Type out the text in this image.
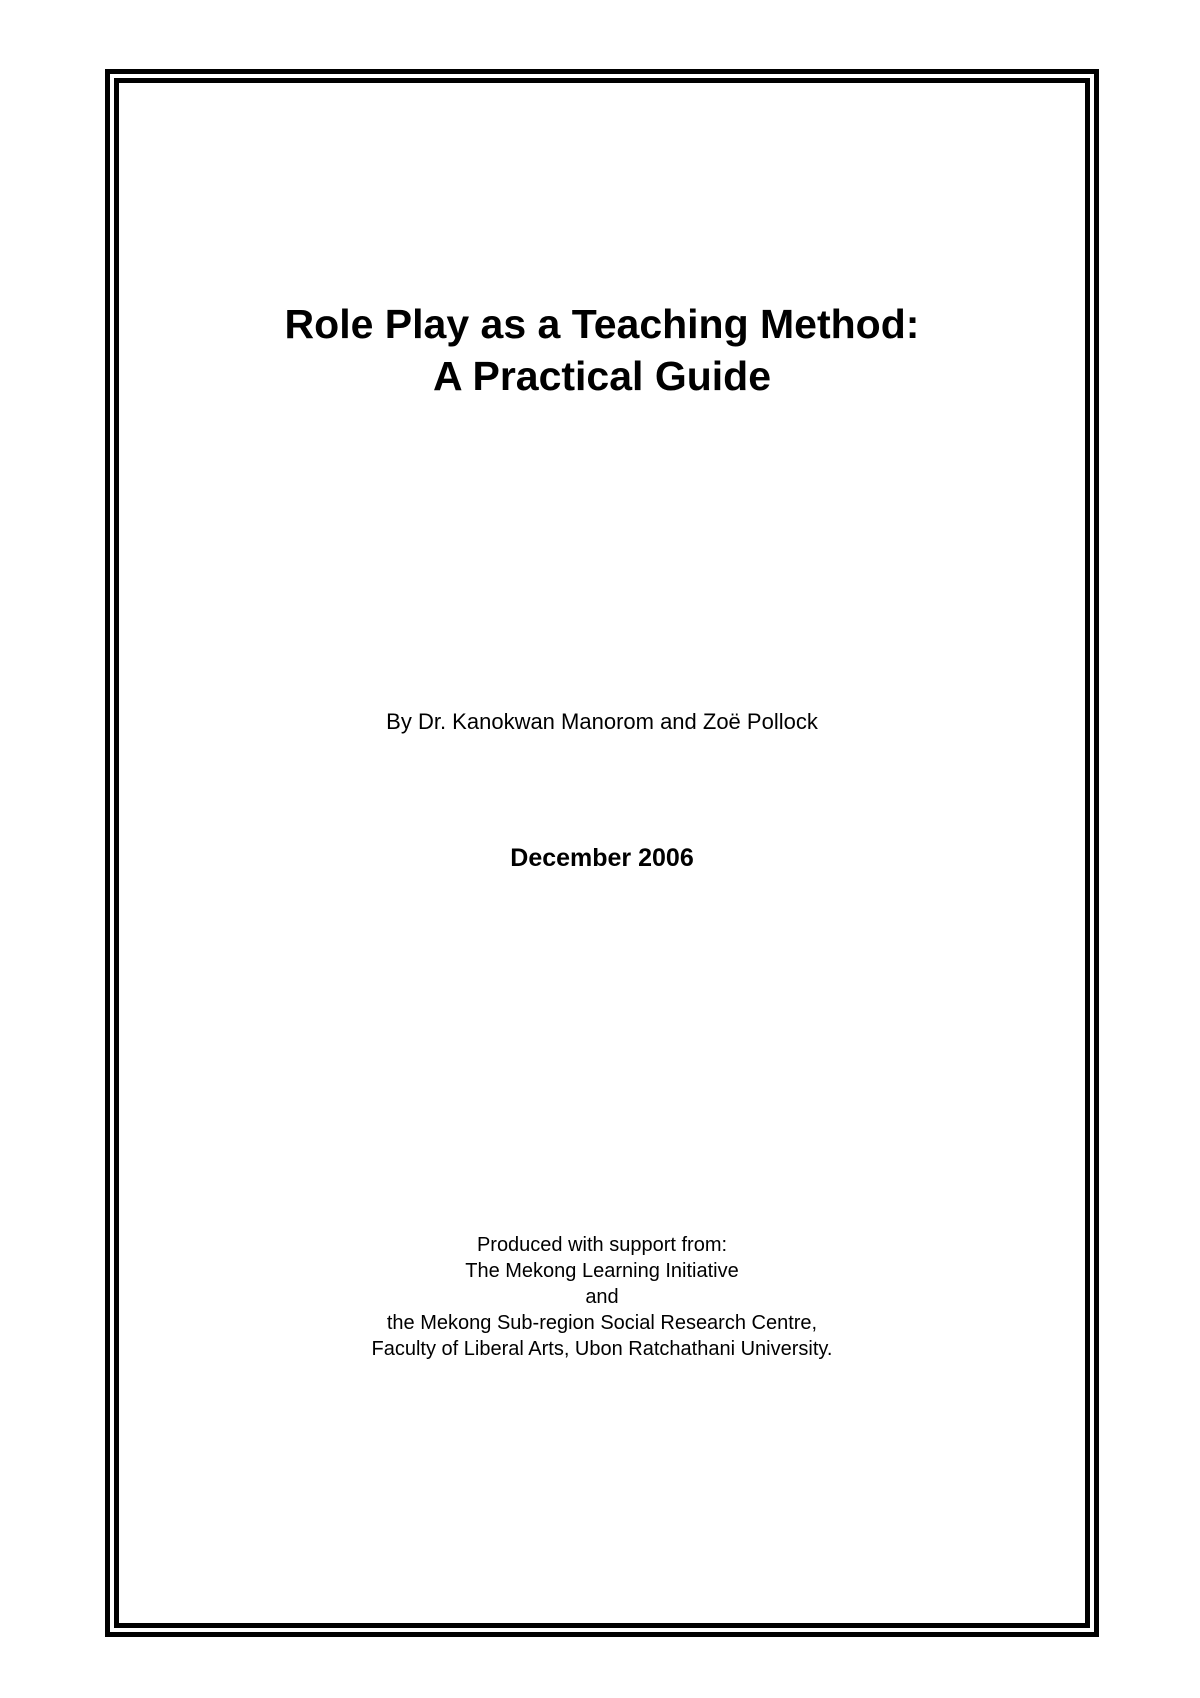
Role Play as a Teaching Method:
A Practical Guide
By Dr. Kanokwan Manorom and Zoë Pollock
December 2006
Produced with support from:
The Mekong Learning Initiative
and
the Mekong Sub-region Social Research Centre,
Faculty of Liberal Arts, Ubon Ratchathani University.
